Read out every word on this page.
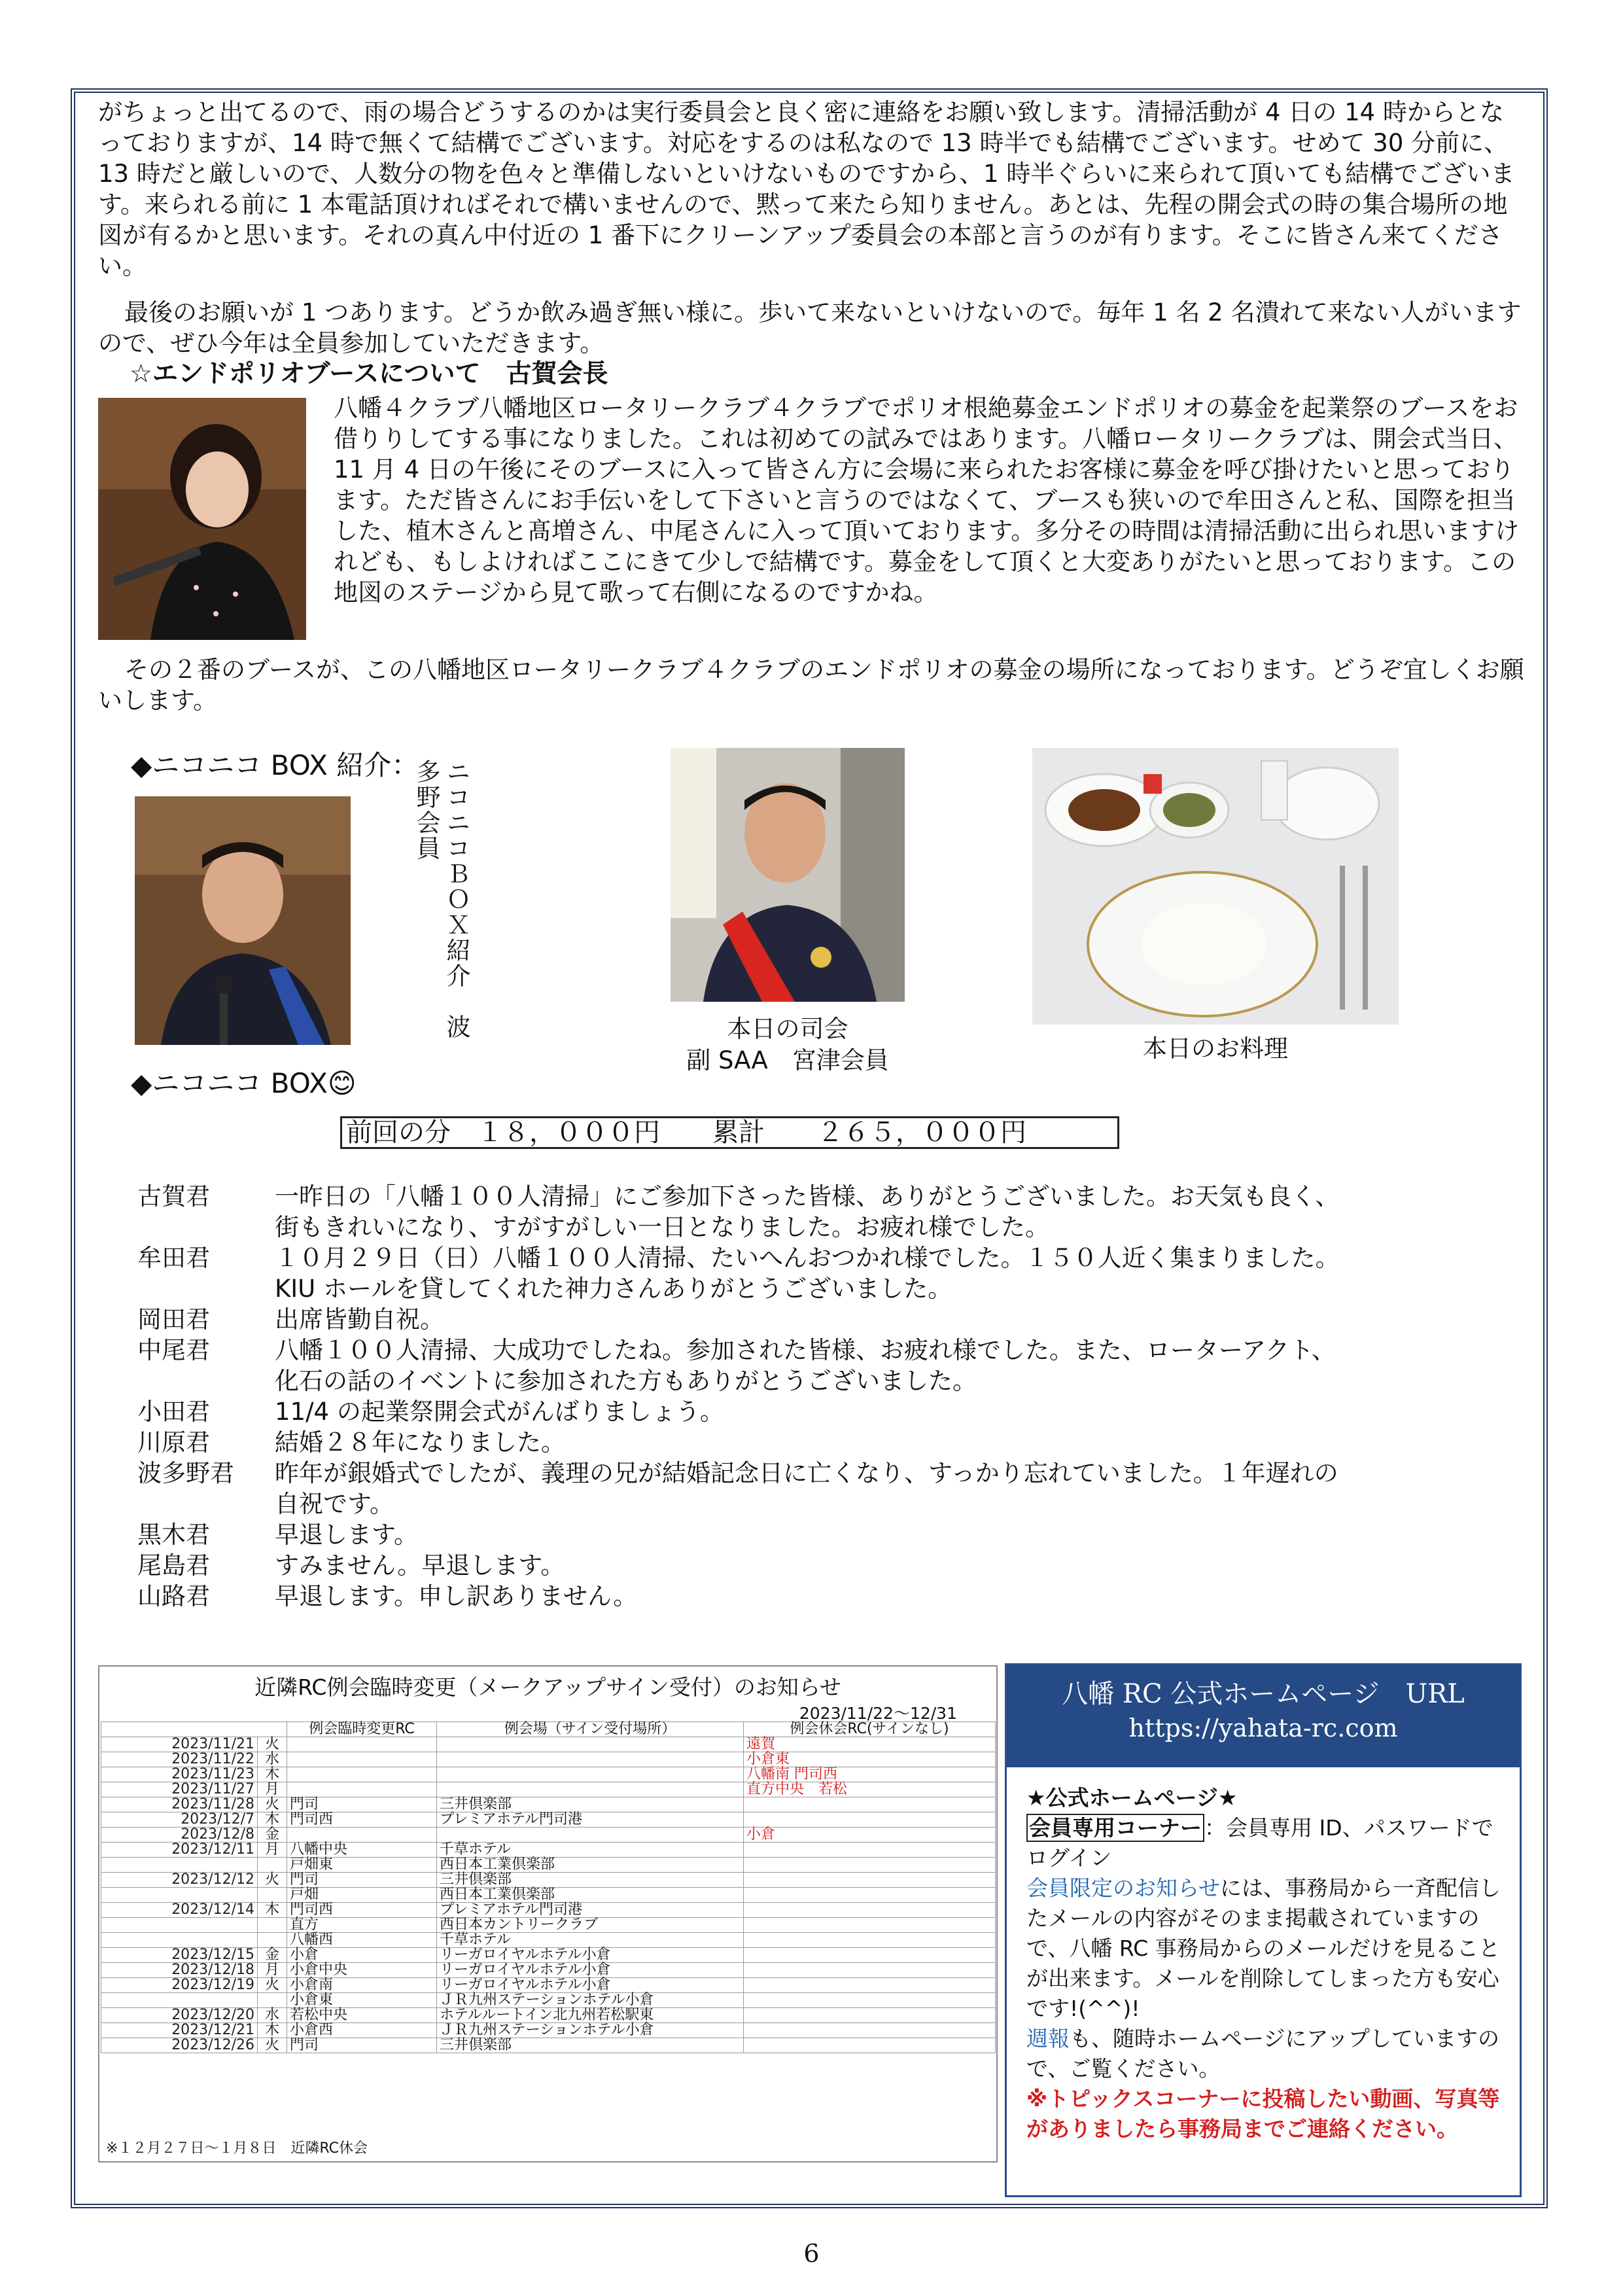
がちょっと出てるので、雨の場合どうするのかは実行委員会と良く密に連絡をお願い致します。清掃活動が 4 日の 14 時からとなっておりますが、14 時で無くて結構でございます。対応をするのは私なので 13 時半でも結構でございます。せめて 30 分前に、13 時だと厳しいので、人数分の物を色々と準備しないといけないものですから、1 時半ぐらいに来られて頂いても結構でございます。来られる前に 1 本電話頂ければそれで構いませんので、黙って来たら知りません。あとは、先程の開会式の時の集合場所の地図が有るかと思います。それの真ん中付近の 1 番下にクリーンアップ委員会の本部と言うのが有ります。そこに皆さん来てください。

最後のお願いが 1 つあります。どうか飲み過ぎ無い様に。歩いて来ないといけないので。毎年 1 名 2 名潰れて来ない人がいますので、ぜひ今年は全員参加していただきます。

☆エンドポリオブースについて　古賀会長

八幡４クラブ八幡地区ロータリークラブ４クラブでポリオ根絶募金エンドポリオの募金を起業祭のブースをお借りりしてする事になりました。これは初めての試みではあります。八幡ロータリークラブは、開会式当日、11 月 4 日の午後にそのブースに入って皆さん方に会場に来られたお客様に募金を呼び掛けたいと思っております。ただ皆さんにお手伝いをして下さいと言うのではなくて、ブースも狭いので牟田さんと私、国際を担当した、植木さんと髙増さん、中尾さんに入って頂いております。多分その時間は清掃活動に出られ思いますけれども、もしよければここにきて少しで結構です。募金をして頂くと大変ありがたいと思っております。この地図のステージから見て歌って右側になるのですかね。

その２番のブースが、この八幡地区ロータリークラブ４クラブのエンドポリオの募金の場所になっております。どうぞ宜しくお願いします。

◆ニコニコ BOX 紹介： ニコニコＢＯＸ紹介　波多野会員
本日の司会
副 SAA　宮津会員	本日のお料理
◆ニコニコ BOX😊
前回の分　１８，０００円　　累計　　２６５，０００円
古賀君	一昨日の「八幡１００人清掃」にご参加下さった皆様、ありがとうございました。お天気も良く、
街もきれいになり、すがすがしい一日となりました。お疲れ様でした。
牟田君	１０月２９日（日）八幡１００人清掃、たいへんおつかれ様でした。１５０人近く集まりました。
KIU ホールを貸してくれた神力さんありがとうございました。
岡田君	出席皆勤自祝。
中尾君	八幡１００人清掃、大成功でしたね。参加された皆様、お疲れ様でした。また、ローターアクト、
化石の話のイベントに参加された方もありがとうございました。
小田君	11/4 の起業祭開会式がんばりましょう。
川原君	結婚２８年になりました。
波多野君	昨年が銀婚式でしたが、義理の兄が結婚記念日に亡くなり、すっかり忘れていました。１年遅れの
自祝です。
黒木君	早退します。
尾島君	すみません。早退します。
山路君	早退します。申し訳ありません。
近隣RC例会臨時変更（メークアップサイン受付）のお知らせ
2023/11/22～12/31
		例会臨時変更RC	例会場（サイン受付場所）	例会休会RC(サインなし)
2023/11/21	火			遠賀
2023/11/22	水			小倉東
2023/11/23	木			八幡南 門司西
2023/11/27	月			直方中央　若松
2023/11/28	火	門司	三井倶楽部	
2023/12/7	木	門司西	プレミアホテル門司港	
2023/12/8	金			小倉
2023/12/11	月	八幡中央	千草ホテル	
		戸畑東	西日本工業倶楽部	
2023/12/12	火	門司	三井倶楽部	
		戸畑	西日本工業倶楽部	
2023/12/14	木	門司西	プレミアホテル門司港	
		直方	西日本カントリークラブ	
		八幡西	千草ホテル	
2023/12/15	金	小倉	リーガロイヤルホテル小倉	
2023/12/18	月	小倉中央	リーガロイヤルホテル小倉	
2023/12/19	火	小倉南	リーガロイヤルホテル小倉	
		小倉東	ＪＲ九州ステーションホテル小倉	
2023/12/20	水	若松中央	ホテルルートイン北九州若松駅東	
2023/12/21	木	小倉西	ＪＲ九州ステーションホテル小倉	
2023/12/26	火	門司	三井倶楽部	
※１２月２７日～１月８日　近隣RC休会
八幡 RC 公式ホームページ　URL
https://yahata-rc.com
★公式ホームページ★
会員専用コーナー ：会員専用 ID、パスワードでログイン
会員限定のお知らせには、事務局から一斉配信したメールの内容がそのまま掲載されていますので、八幡 RC 事務局からのメールだけを見ることが出来ます。メールを削除してしまった方も安心です!(^^)!
週報も、随時ホームページにアップしていますので、ご覧ください。
※トピックスコーナーに投稿したい動画、写真等がありましたら事務局までご連絡ください。
6
